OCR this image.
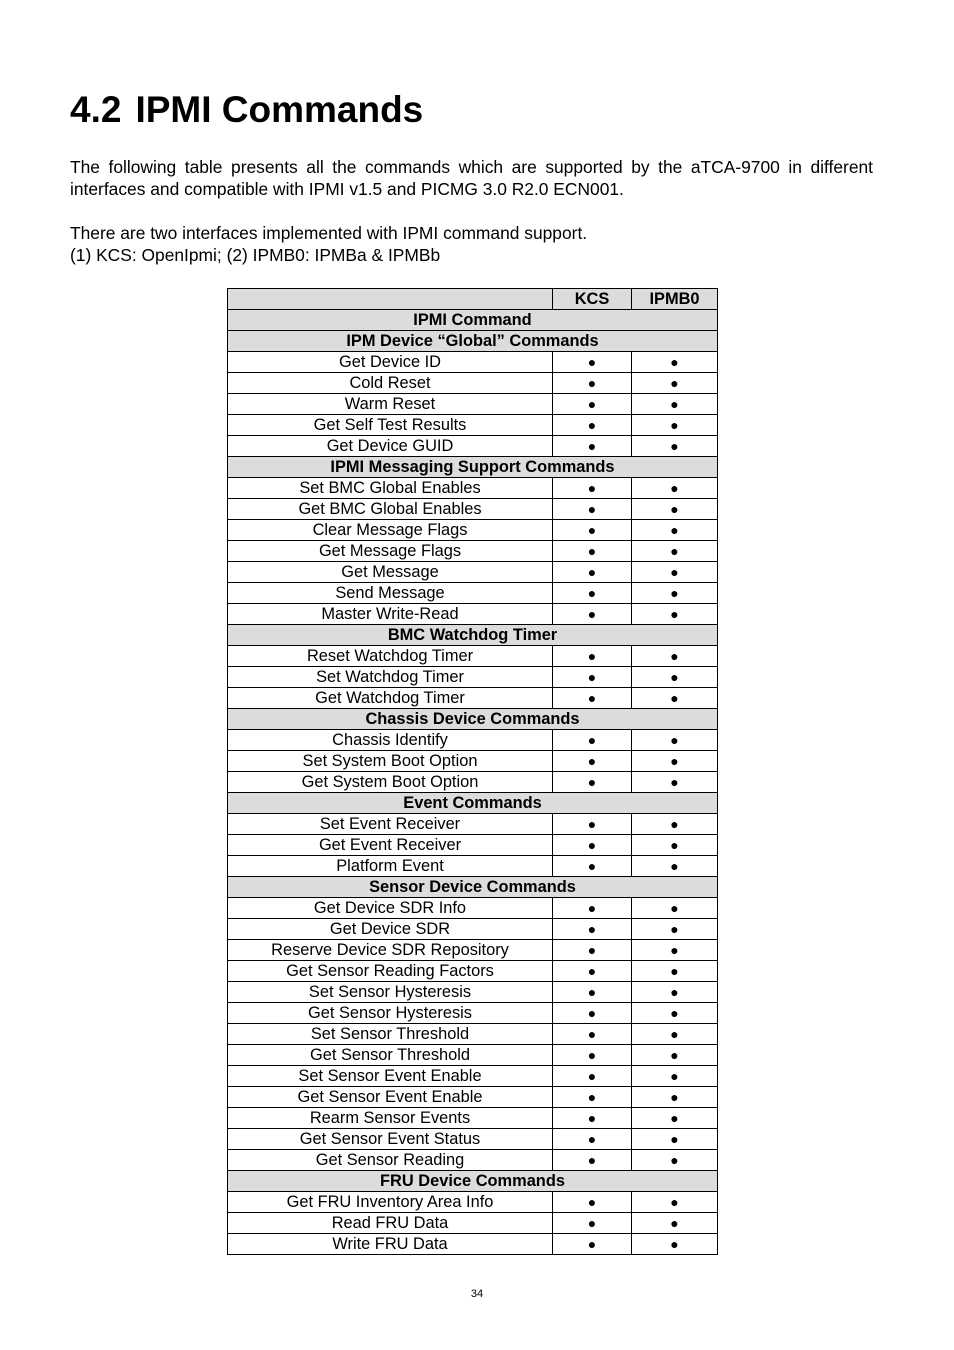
4.2 IPMI Commands

The following table presents all the commands which are supported by the aTCA-9700 in different interfaces and compatible with IPMI v1.5 and PICMG 3.0 R2.0 ECN001.

There are two interfaces implemented with IPMI command support.
(1) KCS: OpenIpmi; (2) IPMB0: IPMBa & IPMBb
	KCS	IPMB0
IPMI Command		
IPM Device “Global” Commands		
Get Device ID	●	●
Cold Reset	●	●
Warm Reset	●	●
Get Self Test Results	●	●
Get Device GUID	●	●
IPMI Messaging Support Commands		
Set BMC Global Enables	●	●
Get BMC Global Enables	●	●
Clear Message Flags	●	●
Get Message Flags	●	●
Get Message	●	●
Send Message	●	●
Master Write-Read	●	●
BMC Watchdog Timer		
Reset Watchdog Timer	●	●
Set Watchdog Timer	●	●
Get Watchdog Timer	●	●
Chassis Device Commands		
Chassis Identify	●	●
Set System Boot Option	●	●
Get System Boot Option	●	●
Event Commands		
Set Event Receiver	●	●
Get Event Receiver	●	●
Platform Event	●	●
Sensor Device Commands		
Get Device SDR Info	●	●
Get Device SDR	●	●
Reserve Device SDR Repository	●	●
Get Sensor Reading Factors	●	●
Set Sensor Hysteresis	●	●
Get Sensor Hysteresis	●	●
Set Sensor Threshold	●	●
Get Sensor Threshold	●	●
Set Sensor Event Enable	●	●
Get Sensor Event Enable	●	●
Rearm Sensor Events	●	●
Get Sensor Event Status	●	●
Get Sensor Reading	●	●
FRU Device Commands		
Get FRU Inventory Area Info	●	●
Read FRU Data	●	●
Write FRU Data	●	●
34
